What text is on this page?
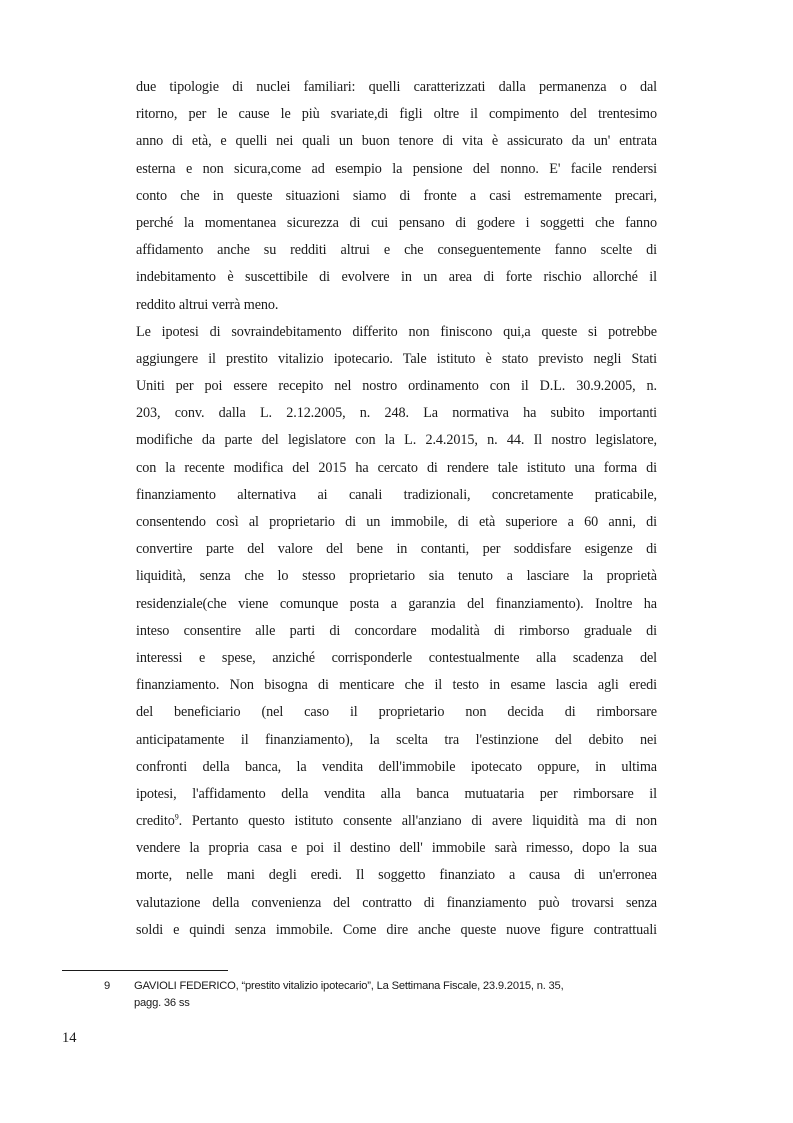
due tipologie di nuclei familiari: quelli caratterizzati dalla permanenza o dal
ritorno, per le cause le più svariate,di figli oltre il compimento del trentesimo
anno di età, e quelli nei quali un buon tenore di vita è assicurato da un' entrata
esterna e non sicura,come ad esempio la pensione del nonno. E' facile rendersi
conto che in queste situazioni siamo di fronte a casi estremamente precari,
perché la momentanea sicurezza di cui pensano di godere i soggetti che fanno
affidamento anche su redditi altrui e che conseguentemente fanno scelte di
indebitamento è suscettibile di evolvere in un area di forte rischio allorché il
reddito altrui verrà meno.
Le ipotesi di sovraindebitamento differito non finiscono qui,a queste si potrebbe
aggiungere il prestito vitalizio ipotecario. Tale istituto è stato previsto negli Stati
Uniti per poi essere recepito nel nostro ordinamento con il D.L. 30.9.2005, n.
203, conv. dalla L. 2.12.2005, n. 248. La normativa ha subito importanti
modifiche da parte del legislatore con la L. 2.4.2015, n. 44. Il nostro legislatore,
con la recente modifica del 2015 ha cercato di rendere tale istituto una forma di
finanziamento alternativa ai canali tradizionali, concretamente praticabile,
consentendo così al proprietario di un immobile, di età superiore a 60 anni, di
convertire parte del valore del bene in contanti, per soddisfare esigenze di
liquidità, senza che lo stesso proprietario sia tenuto a lasciare la proprietà
residenziale(che viene comunque posta a garanzia del finanziamento). Inoltre ha
inteso consentire alle parti di concordare modalità di rimborso graduale di
interessi e spese, anziché corrisponderle contestualmente alla scadenza del
finanziamento. Non bisogna di menticare che il testo in esame lascia agli eredi
del beneficiario (nel caso il proprietario non decida di rimborsare
anticipatamente il finanziamento), la scelta tra l'estinzione del debito nei
confronti della banca, la vendita dell'immobile ipotecato oppure, in ultima
ipotesi, l'affidamento della vendita alla banca mutuataria per rimborsare il
credito$^9$. Pertanto questo istituto consente all'anziano di avere liquidità ma di non
vendere la propria casa e poi il destino dell' immobile sarà rimesso, dopo la sua
morte, nelle mani degli eredi. Il soggetto finanziato a causa di un'erronea
valutazione della convenienza del contratto di finanziamento può trovarsi senza
soldi e quindi senza immobile. Come dire anche queste nuove figure contrattuali
9 GAVIOLI FEDERICO, “prestito vitalizio ipotecario”, La Settimana Fiscale, 23.9.2015, n. 35,
pagg. 36 ss
14
